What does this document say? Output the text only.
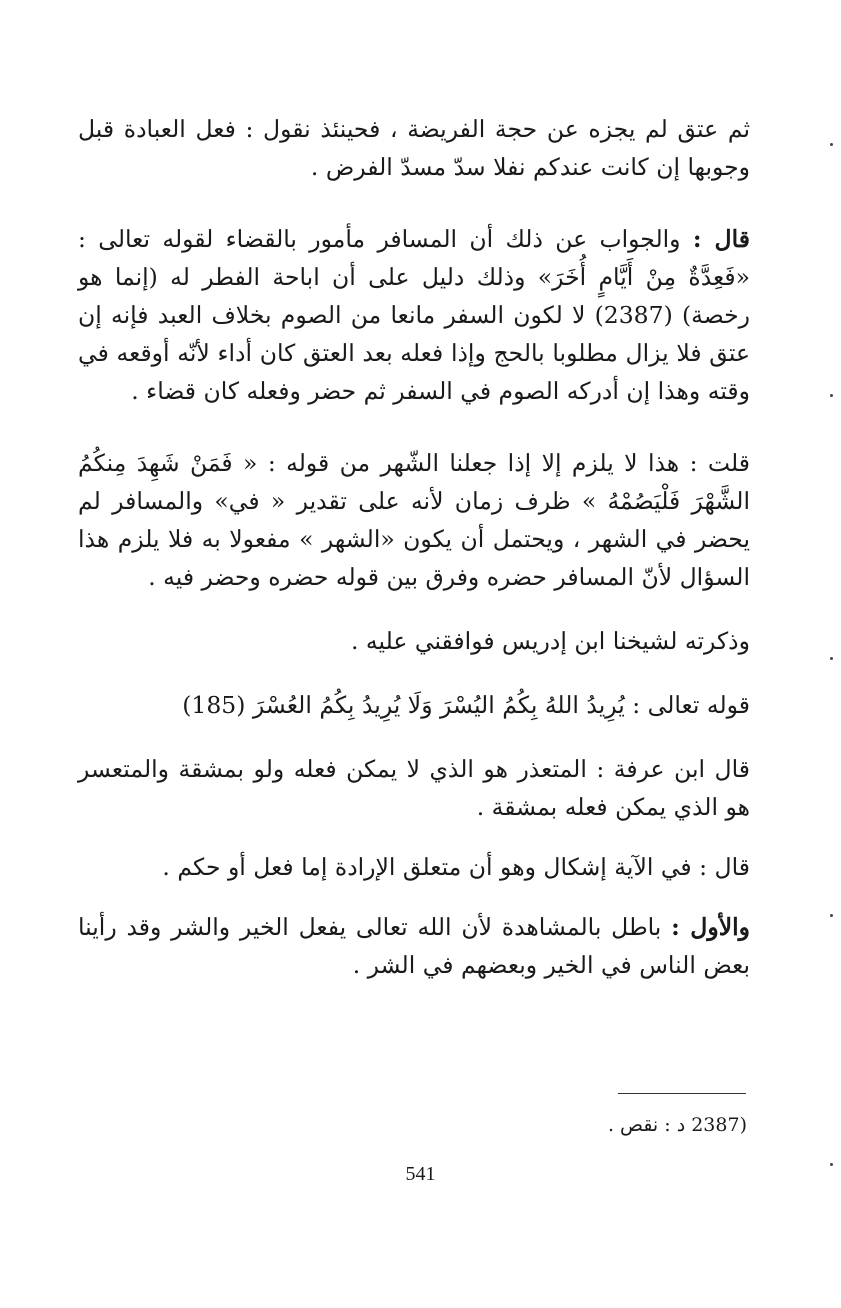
ثم عتق لم يجزه عن حجة الفريضة ، فحينئذ نقول : فعل العبادة قبل وجوبها إن كانت عندكم نفلا سدّ مسدّ الفرض .

قال : والجواب عن ذلك أن المسافر مأمور بالقضاء لقوله تعالى : «فَعِدَّةٌ مِنْ أَيَّامٍ أُخَرَ» وذلك دليل على أن اباحة الفطر له (إنما هو رخصة) (2387) لا لكون السفر مانعا من الصوم بخلاف العبد فإنه إن عتق فلا يزال مطلوبا بالحج وإذا فعله بعد العتق كان أداء لأنّه أوقعه في وقته وهذا إن أدركه الصوم في السفر ثم حضر وفعله كان قضاء .

قلت : هذا لا يلزم إلا إذا جعلنا الشّهر من قوله : « فَمَنْ شَهِدَ مِنكُمُ الشَّهْرَ فَلْيَصُمْهُ » ظرف زمان لأنه على تقدير « في» والمسافر لم يحضر في الشهر ، ويحتمل أن يكون «الشهر » مفعولا به فلا يلزم هذا السؤال لأنّ المسافر حضره وفرق بين قوله حضره وحضر فيه .

وذكرته لشيخنا ابن إدريس فوافقني عليه .

قوله تعالى : يُرِيدُ اللهُ بِكُمُ اليُسْرَ وَلَا يُرِيدُ بِكُمُ العُسْرَ (185)

قال ابن عرفة : المتعذر هو الذي لا يمكن فعله ولو بمشقة والمتعسر هو الذي يمكن فعله بمشقة .

قال : في الآية إشكال وهو أن متعلق الإرادة إما فعل أو حكم .

والأول : باطل بالمشاهدة لأن الله تعالى يفعل الخير والشر وقد رأينا بعض الناس في الخير وبعضهم في الشر .

(2387 د : نقص .
541
